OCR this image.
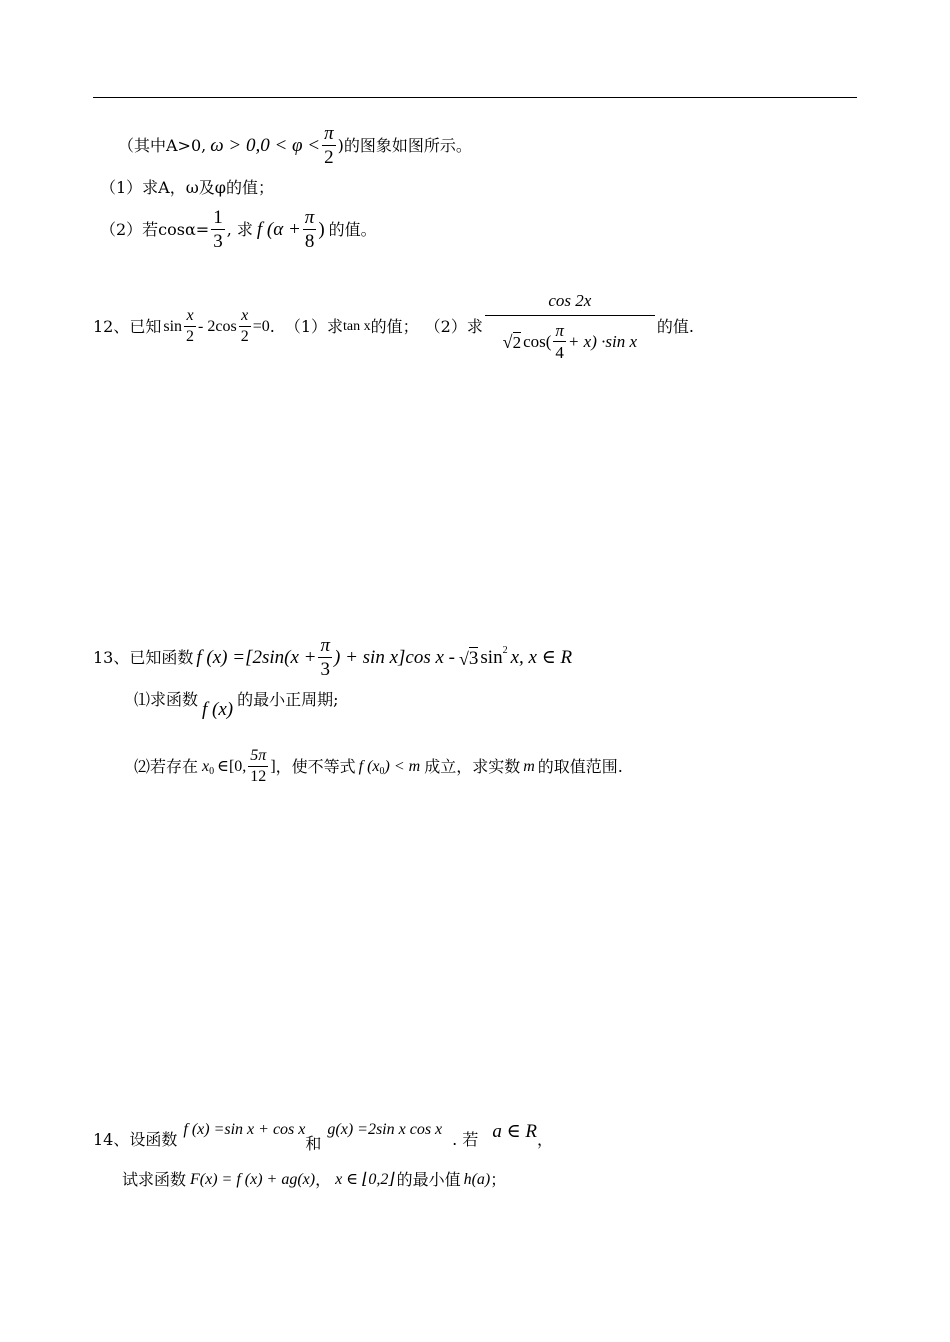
（其中A>0, $\omega > 0,0 < \varphi < \frac{\pi}{2}$ )的图象如图所示。
（1）求A，ω及φ的值；
（2）若$\cos\alpha= \frac{1}{3}$ , 求 f ($\alpha + \frac{\pi}{8}$ ) 的值。
12、已知 $\sin \frac{x}{2} - 2\cos \frac{x}{2} =0$ . （1）求 tan x 的值； （2）求
cos 2x
√ 2 $\cos( \frac{\pi}{4} + x) \cdot\sin$ x
的值.
13、已知函数 f $(x) =[2\sin(x + \frac{\pi}{3}$ ) + sin x]cos x - √ 3 sin 2 x, x ∈ R
⑴求函数 f (x) 的最小正周期;
⑵若存在 x 0 ∈[0, $\frac{5\pi}{12}$ ] ，使不等式 f (x 0 ) < m 成立，求实数 m 的取值范围.
14、设函数
f (x) =sin x + cos x
和
g(x) =2sin x cos x
. 若 a ∈ R ，
试求函数 F(x) = f (x) + ag(x) ， x ∈ ⌊0,2⌋ 的最小值 h(a) ；
